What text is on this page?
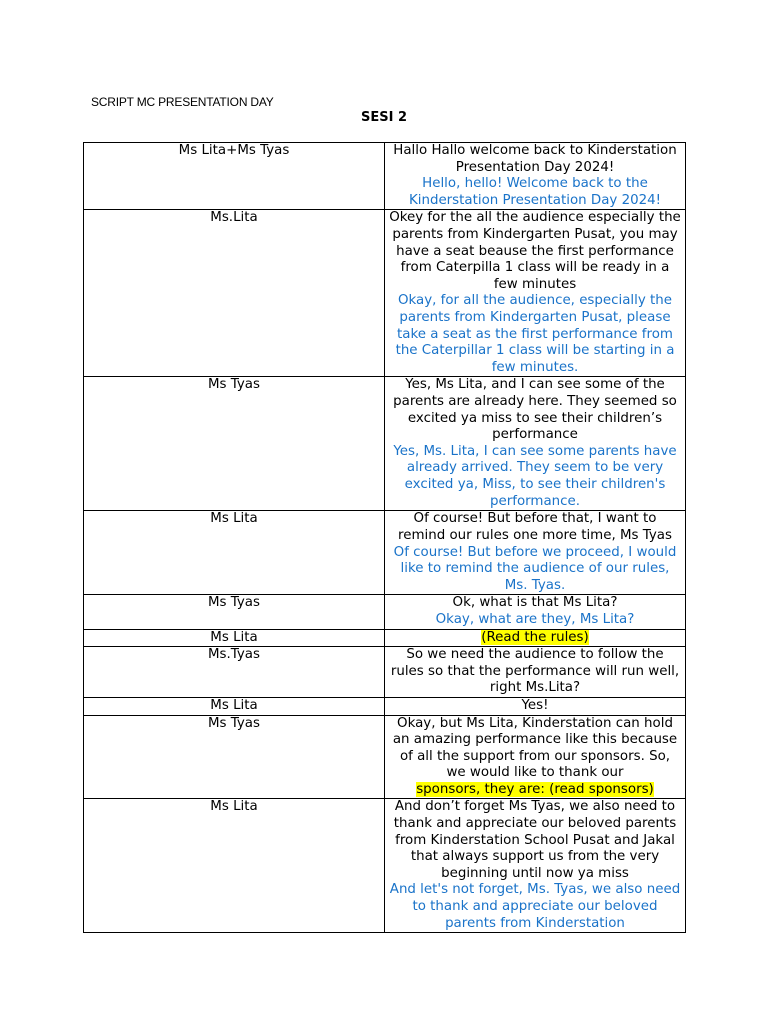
SCRIPT MC PRESENTATION DAY
SESI 2
Ms Lita+Ms Tyas	Hallo Hallo welcome back to Kinderstation Presentation Day 2024!
Hello, hello! Welcome back to the Kinderstation Presentation Day 2024!

Ms.Lita	Okey for the all the audience especially the parents from Kindergarten Pusat, you may have a seat beause the first performance from Caterpilla 1 class will be ready in a few minutes
Okay, for all the audience, especially the parents from Kindergarten Pusat, please take a seat as the first performance from the Caterpillar 1 class will be starting in a few minutes.

Ms Tyas	Yes, Ms Lita, and I can see some of the parents are already here. They seemed so excited ya miss to see their children’s performance
Yes, Ms. Lita, I can see some parents have already arrived. They seem to be very excited ya, Miss, to see their children's performance.

Ms Lita	Of course! But before that, I want to remind our rules one more time, Ms Tyas
Of course! But before we proceed, I would like to remind the audience of our rules, Ms. Tyas.

Ms Tyas	Ok, what is that Ms Lita?
Okay, what are they, Ms Lita?

Ms Lita	(Read the rules)
Ms.Tyas	So we need the audience to follow the rules so that the performance will run well, right Ms.Lita?

Ms Lita	Yes!

Ms Tyas	Okay, but Ms Lita, Kinderstation can hold an amazing performance like this because of all the support from our sponsors. So, we would like to thank our
sponsors, they are: (read sponsors)
Ms Lita	And don’t forget Ms Tyas, we also need to thank and appreciate our beloved parents from Kinderstation School Pusat and Jakal that always support us from the very beginning until now ya miss
And let's not forget, Ms. Tyas, we also need to thank and appreciate our beloved parents from Kinderstation
